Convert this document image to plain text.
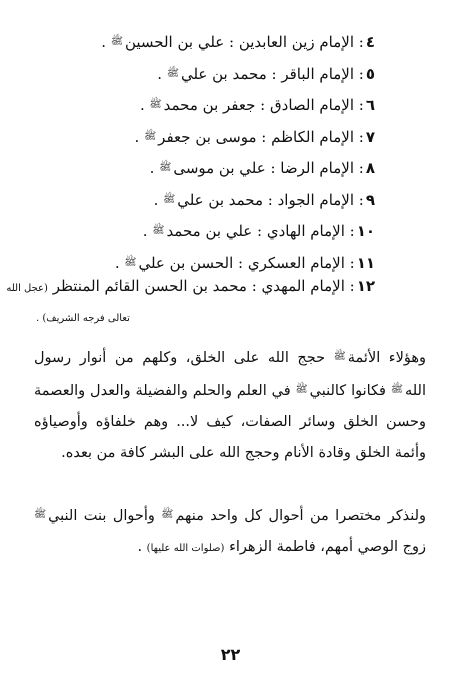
٤: الإمام زين العابدين : علي بن الحسين$^ﷺ$ .
٥: الإمام الباقر : محمد بن علي$^ﷺ$ .
٦: الإمام الصادق : جعفر بن محمد$^ﷺ$ .
٧: الإمام الكاظم : موسى بن جعفر$^ﷺ$ .
٨: الإمام الرضا : علي بن موسى$^ﷺ$ .
٩: الإمام الجواد : محمد بن علي$^ﷺ$ .
١٠: الإمام الهادي : علي بن محمد$^ﷺ$ .
١١: الإمام العسكري : الحسن بن علي$^ﷺ$ .
١٢: الإمام المهدي : محمد بن الحسن القائم المنتظر (عجل الله
تعالى فرجه الشريف) .

وهؤلاء الأئمة$^ﷺ$ حجج الله على الخلق، وكلهم من أنوار رسول الله$^ﷺ$ فكانوا كالنبي$^ﷺ$ في العلم والحلم والفضيلة والعدل والعصمة وحسن الخلق وسائر الصفات، كيف لا... وهم خلفاؤه وأوصياؤه وأئمة الخلق وقادة الأنام وحجج الله على البشر كافة من بعده.

ولنذكر مختصرا من أحوال كل واحد منهم$^ﷺ$ وأحوال بنت النبي$^ﷺ$ زوج الوصي أمهم، فاطمة الزهراء (صلوات الله عليها) .

٢٢
